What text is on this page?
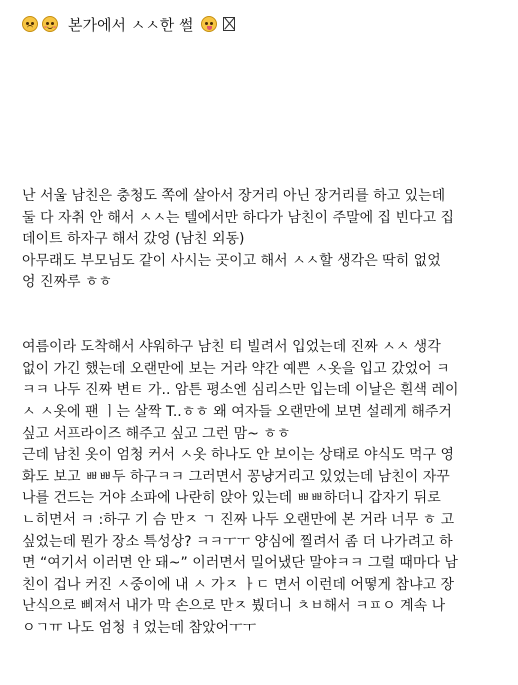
본가에서 ㅅㅅ한 썰

난 서울 남친은 충청도 쪽에 살아서 장거리 아닌 장거리를 하고 있는데

둘 다 자취 안 해서 ㅅㅅ는 텔에서만 하다가 남친이 주말에 집 빈다고 집

데이트 하자구 해서 갔엉 (남친 외동)

아무래도 부모님도 같이 사시는 곳이고 해서 ㅅㅅ할 생각은 딱히 없었

엉 진짜루 ㅎㅎ

여름이라 도착해서 샤워하구 남친 티 빌려서 입었는데 진짜 ㅅㅅ 생각

없이 가긴 했는데 오랜만에 보는 거라 약간 예쁜 ㅅ옷을 입고 갔었어 ㅋ

ㅋㅋ 나두 진짜 변ㅌ 가.. 암튼 평소엔 심리스만 입는데 이날은 흰색 레이

ㅅ ㅅ옷에 팬 ㅣ는 살짝 T..ㅎㅎ 왜 여자들 오랜만에 보면 설레게 해주거

싶고 서프라이즈 해주고 싶고 그런 맘~ ㅎㅎ

근데 남친 옷이 엄청 커서 ㅅ옷 하나도 안 보이는 상태로 야식도 먹구 영

화도 보고 ㅃㅃ두 하구ㅋㅋ 그러면서 꽁냥거리고 있었는데 남친이 자꾸

나를 건드는 거야 소파에 나란히 앉아 있는데 ㅃㅃ하더니 갑자기 뒤로

ㄴ히면서 ㅋ :하구 기 슴 만ㅈ ㄱ 진짜 나두 오랜만에 본 거라 너무 ㅎ 고

싶었는데 뭔가 장소 특성상? ㅋㅋㅜㅜ 양심에 찔려서 좀 더 나가려고 하

면 “여기서 이러면 안 돼~” 이러면서 밀어냈단 말야ㅋㅋ 그럴 때마다 남

친이 겁나 커진 ㅅ중이에 내 ㅅ 가ㅈ ㅏㄷ 면서 이런데 어떻게 참냐고 장

난식으로 삐져서 내가 막 손으로 만ㅈ 붰더니 ㅊㅂ해서 ㅋㅍㅇ 계속 나

ㅇㄱㅠ 나도 엄청 ㅕ었는데 참았어ㅜㅜ
